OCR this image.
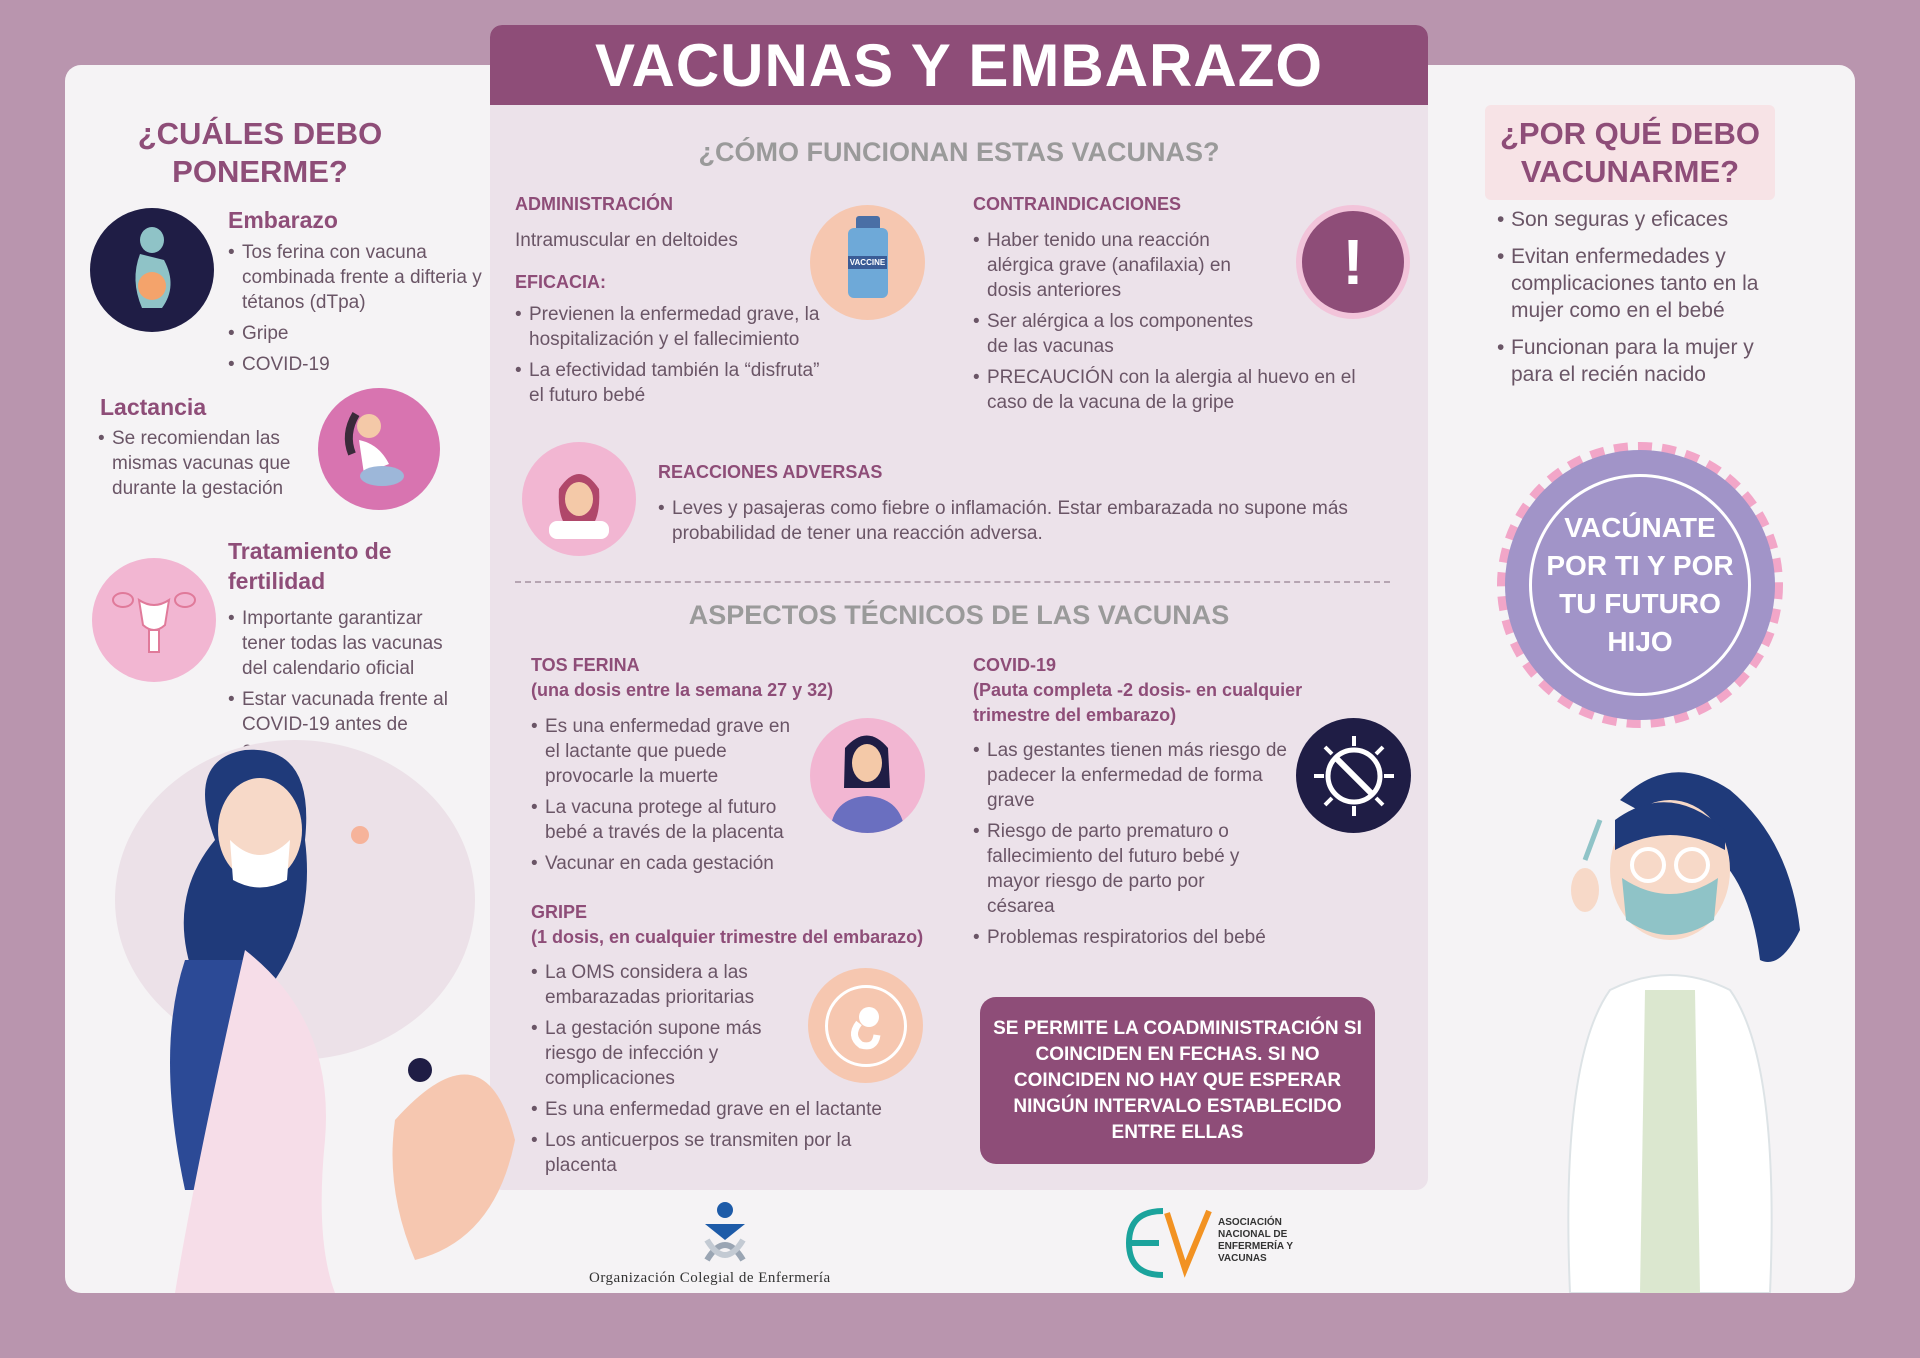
VACUNAS Y EMBARAZO
¿CUÁLES DEBO PONERME?
Embarazo
• Tos ferina con vacuna combinada frente a difteria y tétanos (dTpa)
• Gripe
• COVID-19
Lactancia
• Se recomiendan las mismas vacunas que durante la gestación
Tratamiento de fertilidad
• Importante garantizar tener todas las vacunas del calendario oficial
• Estar vacunada frente al COVID-19 antes de
¿CÓMO FUNCIONAN ESTAS VACUNAS?
ADMINISTRACIÓN
Intramuscular en deltoides
EFICACIA:
• Previenen la enfermedad grave, la hospitalización y el fallecimiento
• La efectividad también la “disfruta” el futuro bebé
VACCINE
CONTRAINDICACIONES
• Haber tenido una reacción alérgica grave (anafilaxia) en dosis anteriores
• Ser alérgica a los componentes de las vacunas
• PRECAUCIÓN con la alergia al huevo en el caso de la vacuna de la gripe
!
REACCIONES ADVERSAS
• Leves y pasajeras como fiebre o inflamación. Estar embarazada no supone más probabilidad de tener una reacción adversa.
ASPECTOS TÉCNICOS DE LAS VACUNAS
TOS FERINA
(una dosis entre la semana 27 y 32)
• Es una enfermedad grave en el lactante que puede provocarle la muerte
• La vacuna protege al futuro bebé a través de la placenta
• Vacunar en cada gestación
GRIPE
(1 dosis, en cualquier trimestre del embarazo)
• La OMS considera a las embarazadas prioritarias
• La gestación supone más riesgo de infección y complicaciones
• Es una enfermedad grave en el lactante
• Los anticuerpos se transmiten por la placenta
COVID-19
(Pauta completa -2 dosis- en cualquier trimestre del embarazo)
• Las gestantes tienen más riesgo de padecer la enfermedad de forma grave
• Riesgo de parto prematuro o fallecimiento del futuro bebé y mayor riesgo de parto por césarea
• Problemas respiratorios del bebé
SE PERMITE LA COADMINISTRACIÓN SI COINCIDEN EN FECHAS. SI NO COINCIDEN NO HAY QUE ESPERAR NINGÚN INTERVALO ESTABLECIDO ENTRE ELLAS
¿POR QUÉ DEBO VACUNARME?
• Son seguras y eficaces
• Evitan enfermedades y complicaciones tanto en la mujer como en el bebé
• Funcionan para la mujer y para el recién nacido
VACÚNATE POR TI Y POR TU FUTURO HIJO
Organización Colegial de Enfermería
ASOCIACIÓN NACIONAL DE ENFERMERÍA Y VACUNAS
